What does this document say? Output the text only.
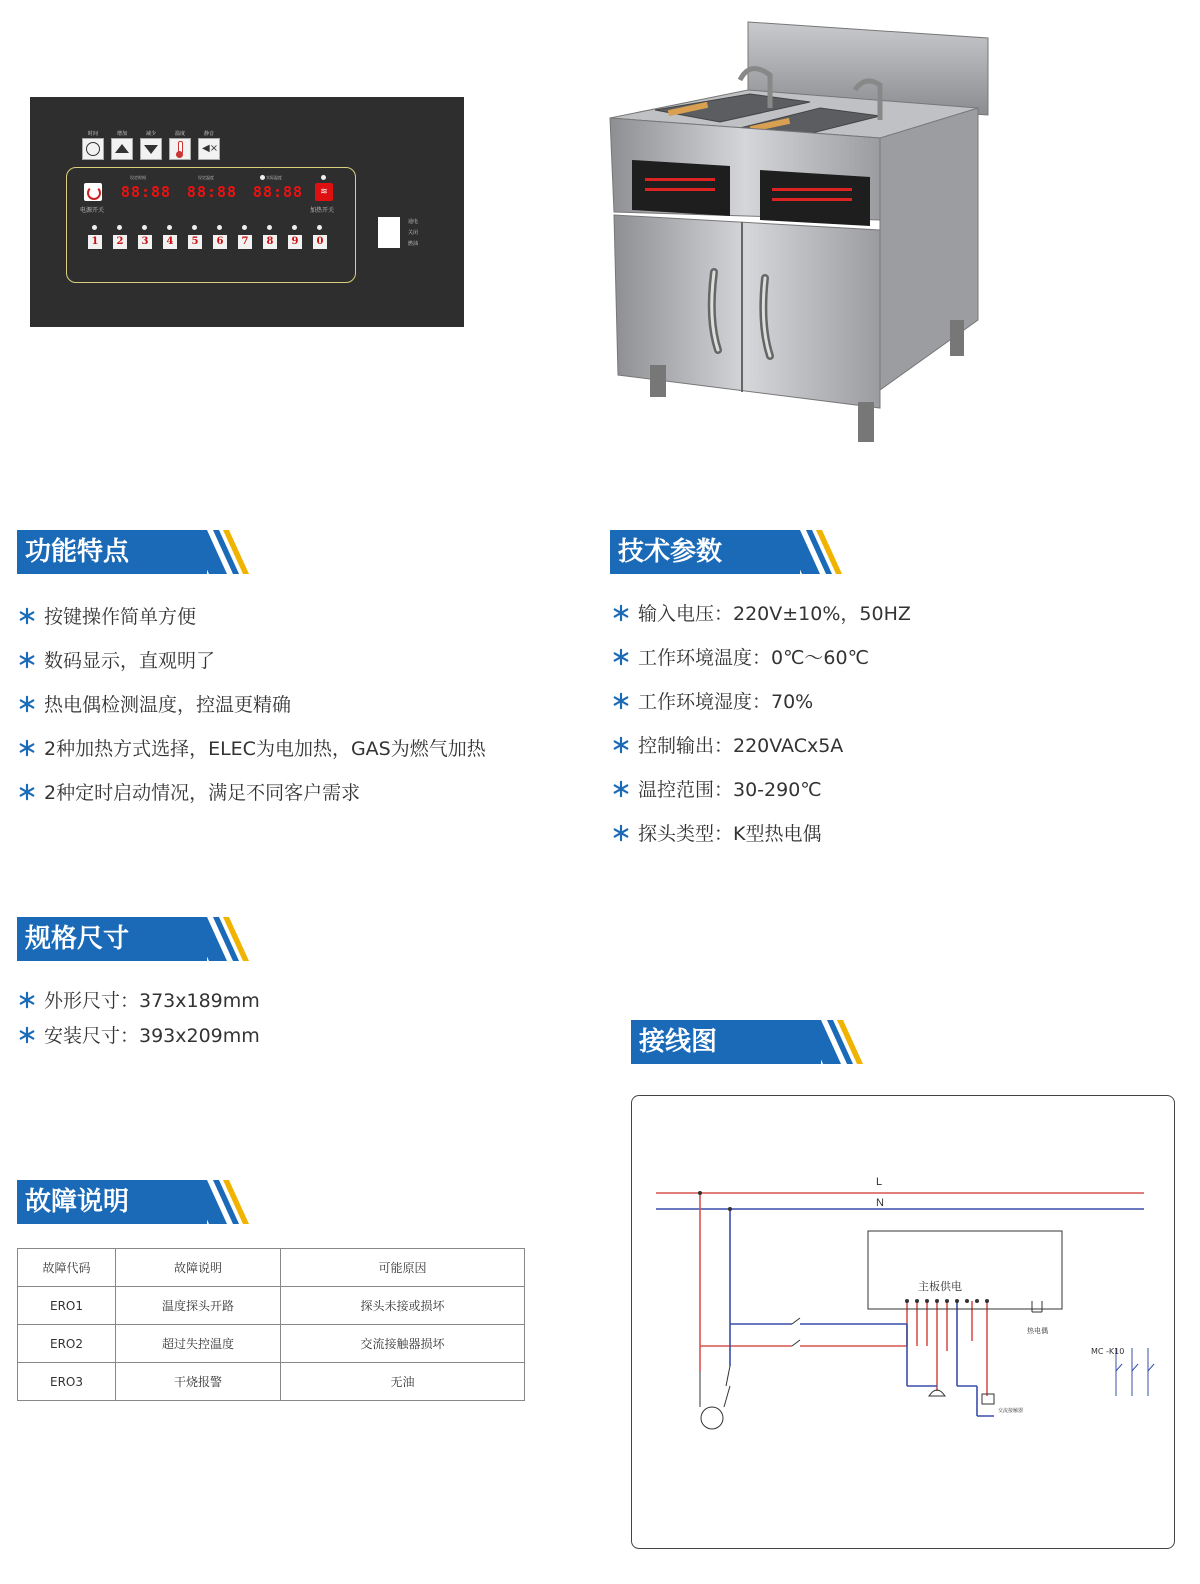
时间	增加	减少	温度	静音
◀×
电源开关
≋
加热开关
设定时间	设定温度	实际温度
88:88	88:88	88:88
1	2	3	4	5	6	7	8	9	0
通电
关闭
燃油
功能特点	技术参数
规格尺寸
接线图
故障说明
按键操作简单方便
数码显示，直观明了
热电偶检测温度，控温更精确
2种加热方式选择，ELEC为电加热，GAS为燃气加热
2种定时启动情况，满足不同客户需求
输入电压：220V±10%，50HZ
工作环境温度：0℃～60℃
工作环境湿度：70%
控制输出：220VACx5A
温控范围：30-290℃
探头类型：K型热电偶
外形尺寸：373x189mm
安装尺寸：393x209mm
故障代码	故障说明	可能原因
ERO1	温度探头开路	探头未接或损坏
ERO2	超过失控温度	交流接触器损坏
ERO3	干烧报警	无油
L
N
主板供电
热电偶
MC -K10
交流接触器
